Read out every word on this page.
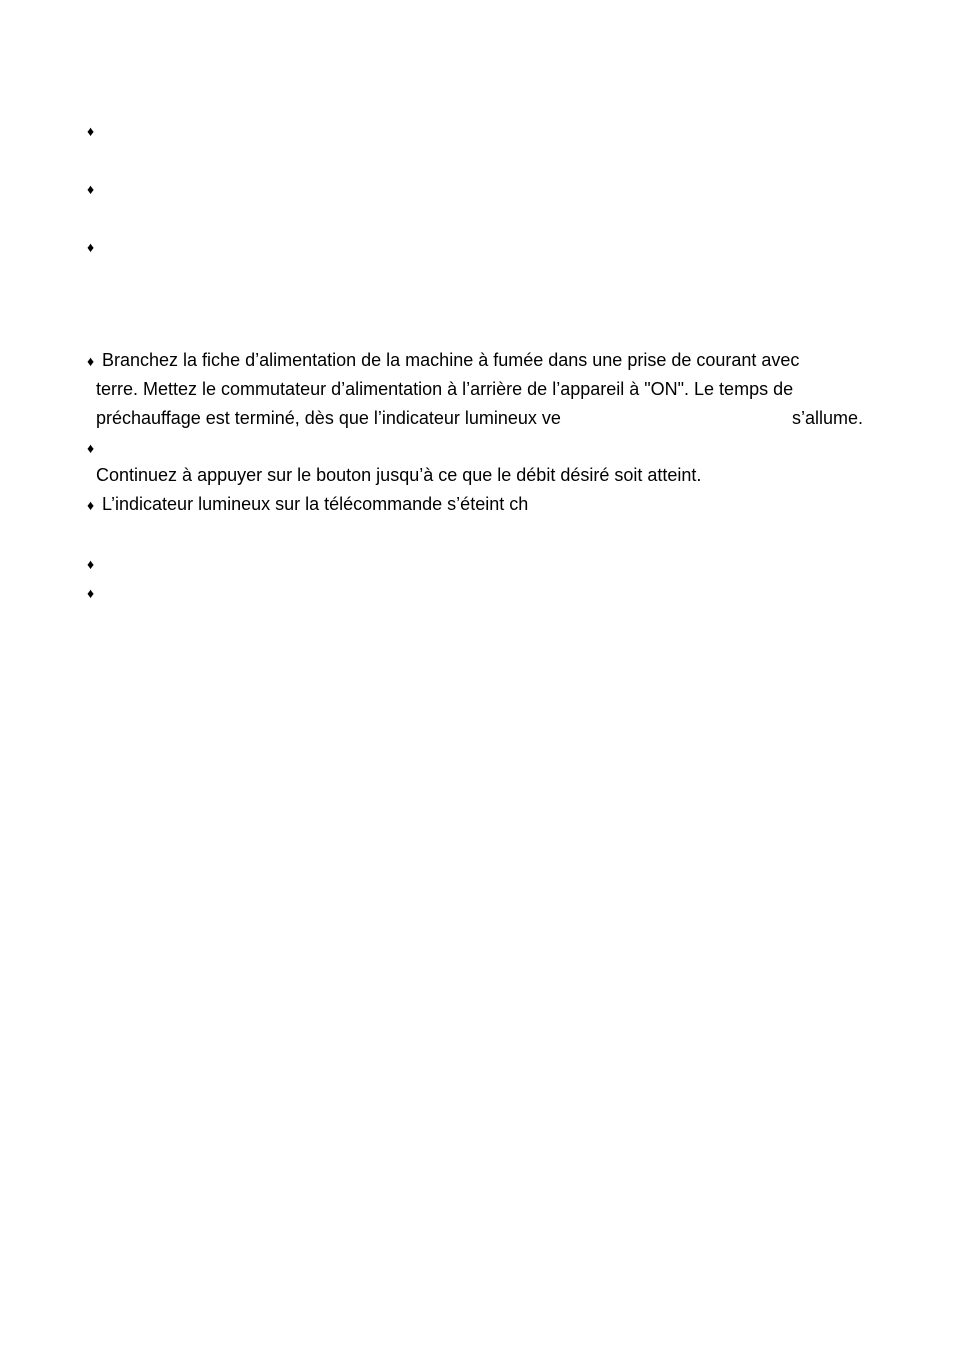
♦
♦
♦
♦ Branchez la fiche d’alimentation de la machine à fumée dans une prise de courant avec
terre. Mettez le commutateur d’alimentation à l’arrière de l’appareil à "ON". Le temps de
préchauffage est terminé, dès que l’indicateur lumineux ve	s’allume.
♦
Continuez à appuyer sur le bouton jusqu’à ce que le débit désiré soit atteint.
♦ L’indicateur lumineux sur la télécommande s’éteint ch
♦
♦
